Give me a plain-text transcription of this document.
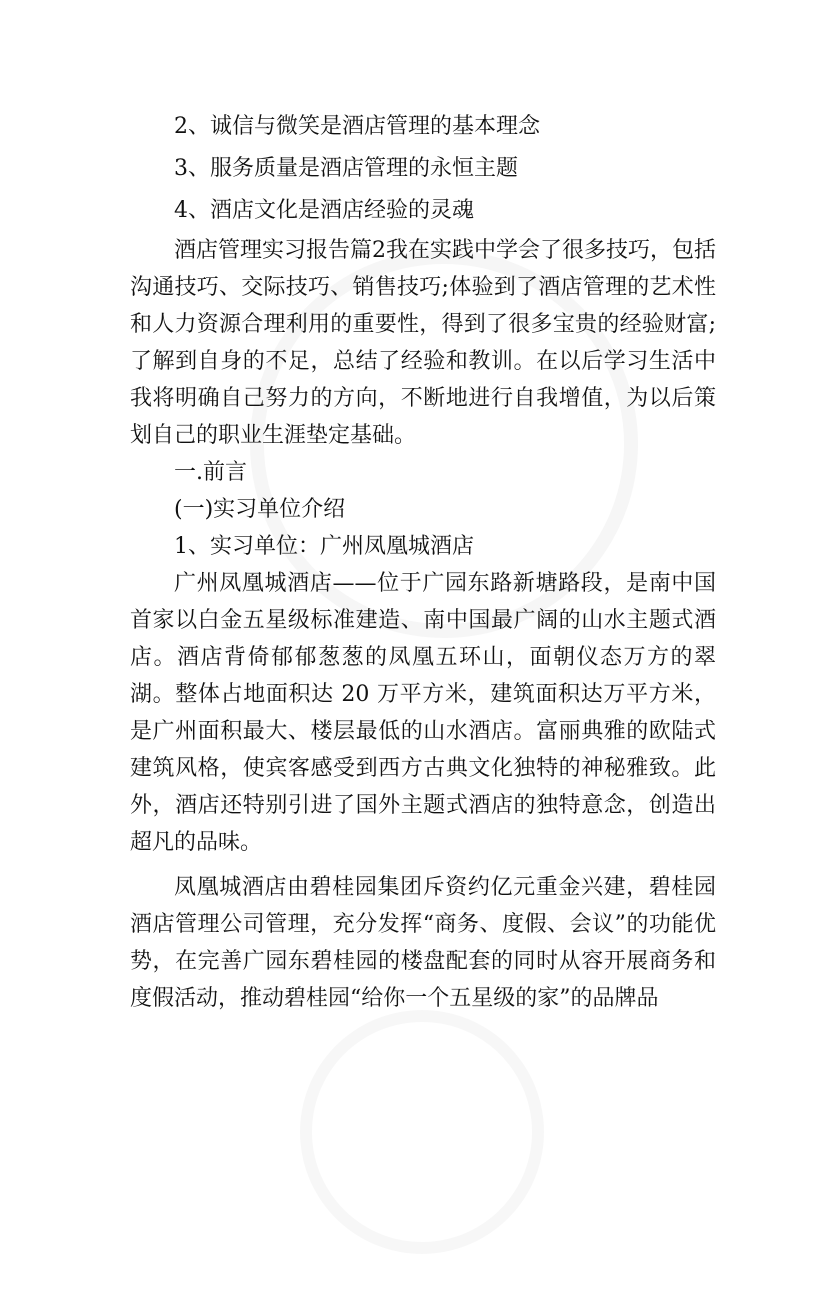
2、诚信与微笑是酒店管理的基本理念
3、服务质量是酒店管理的永恒主题
4、酒店文化是酒店经验的灵魂

酒店管理实习报告篇2我在实践中学会了很多技巧，包括沟通技巧、交际技巧、销售技巧;体验到了酒店管理的艺术性和人力资源合理利用的重要性，得到了很多宝贵的经验财富;了解到自身的不足，总结了经验和教训。在以后学习生活中我将明确自己努力的方向，不断地进行自我增值，为以后策划自己的职业生涯垫定基础。

一.前言
(一)实习单位介绍
1、实习单位：广州凤凰城酒店

广州凤凰城酒店——位于广园东路新塘路段，是南中国首家以白金五星级标准建造、南中国最广阔的山水主题式酒店。酒店背倚郁郁葱葱的凤凰五环山，面朝仪态万方的翠湖。整体占地面积达 20 万平方米，建筑面积达万平方米，是广州面积最大、楼层最低的山水酒店。富丽典雅的欧陆式建筑风格，使宾客感受到西方古典文化独特的神秘雅致。此外，酒店还特别引进了国外主题式酒店的独特意念，创造出超凡的品味。

凤凰城酒店由碧桂园集团斥资约亿元重金兴建，碧桂园酒店管理公司管理，充分发挥“商务、度假、会议”的功能优势，在完善广园东碧桂园的楼盘配套的同时从容开展商务和度假活动，推动碧桂园“给你一个五星级的家”的品牌品
